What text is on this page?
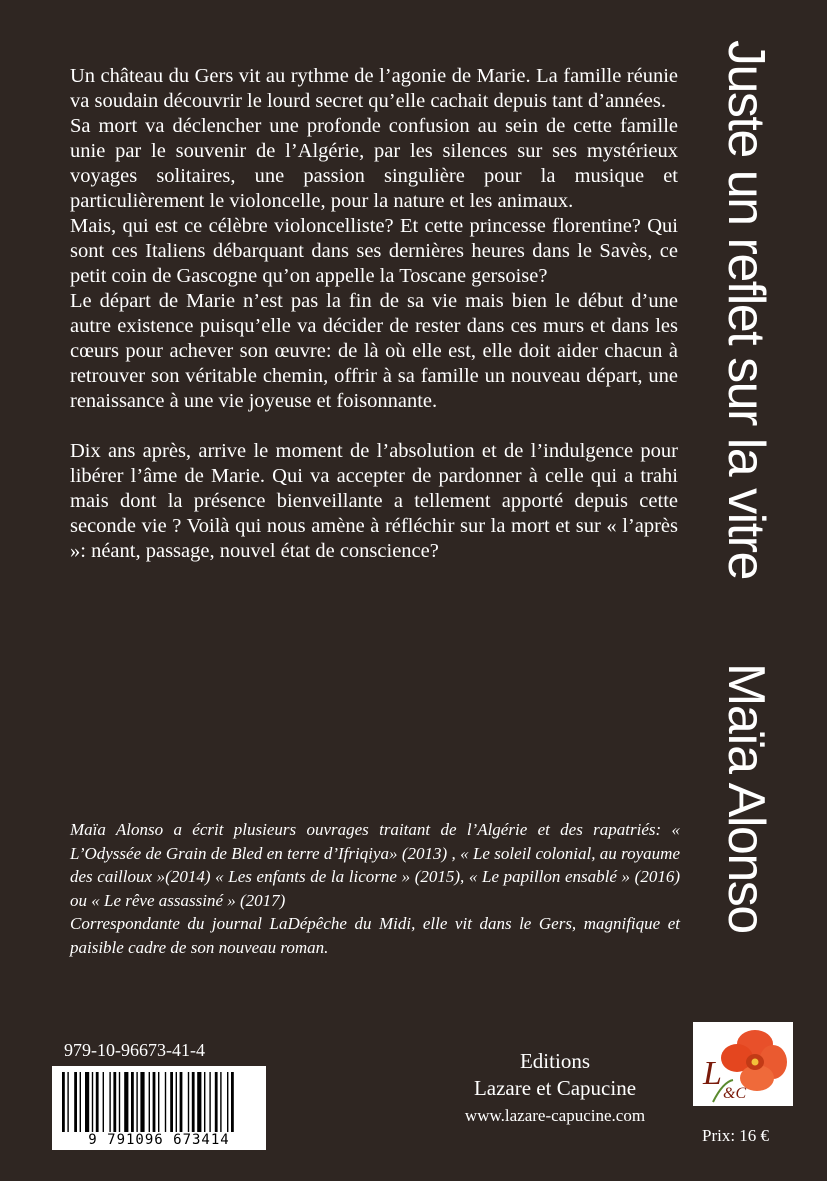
Un château du Gers vit au rythme de l’agonie de Marie. La famille réunie va soudain découvrir le lourd secret qu’elle cachait depuis tant d’années.

Sa mort va déclencher une profonde confusion au sein de cette famille unie par le souvenir de l’Algérie, par les silences sur ses mystérieux voyages solitaires, une passion singulière pour la musique et particulièrement le violoncelle, pour la nature et les animaux.

Mais, qui est ce célèbre violoncelliste? Et cette princesse florentine? Qui sont ces Italiens débarquant dans ses dernières heures dans le Savès, ce petit coin de Gascogne qu’on appelle la Toscane gersoise?

Le départ de Marie n’est pas la fin de sa vie mais bien le début d’une autre existence puisqu’elle va décider de rester dans ces murs et dans les cœurs pour achever son œuvre: de là où elle est, elle doit aider chacun à retrouver son véritable chemin, offrir à sa famille un nouveau départ, une renaissance à une vie joyeuse et foisonnante.

Dix ans après, arrive le moment de l’absolution et de l’indulgence pour libérer l’âme de Marie. Qui va accepter de pardonner à celle qui a trahi mais dont la présence bienveillante a tellement apporté depuis cette seconde vie ? Voilà qui nous amène à réfléchir sur la mort et sur « l’après »: néant, passage, nouvel état de conscience?

Maïa Alonso a écrit plusieurs ouvrages traitant de l’Algérie et des rapatriés: « L’Odyssée de Grain de Bled en terre d’Ifriqiya» (2013) , « Le soleil colonial, au royaume des cailloux »(2014) « Les enfants de la licorne » (2015), « Le papillon ensablé » (2016) ou « Le rêve assassiné » (2017)

Correspondante du journal LaDépêche du Midi, elle vit dans le Gers, magnifique et paisible cadre de son nouveau roman.

Juste un reflet sur la vitreMaïa Alonso
979-10-96673-41-4
9 791096 673414
Editions
Lazare et Capucine
www.lazare-capucine.com
L
&C
Prix: 16 €
